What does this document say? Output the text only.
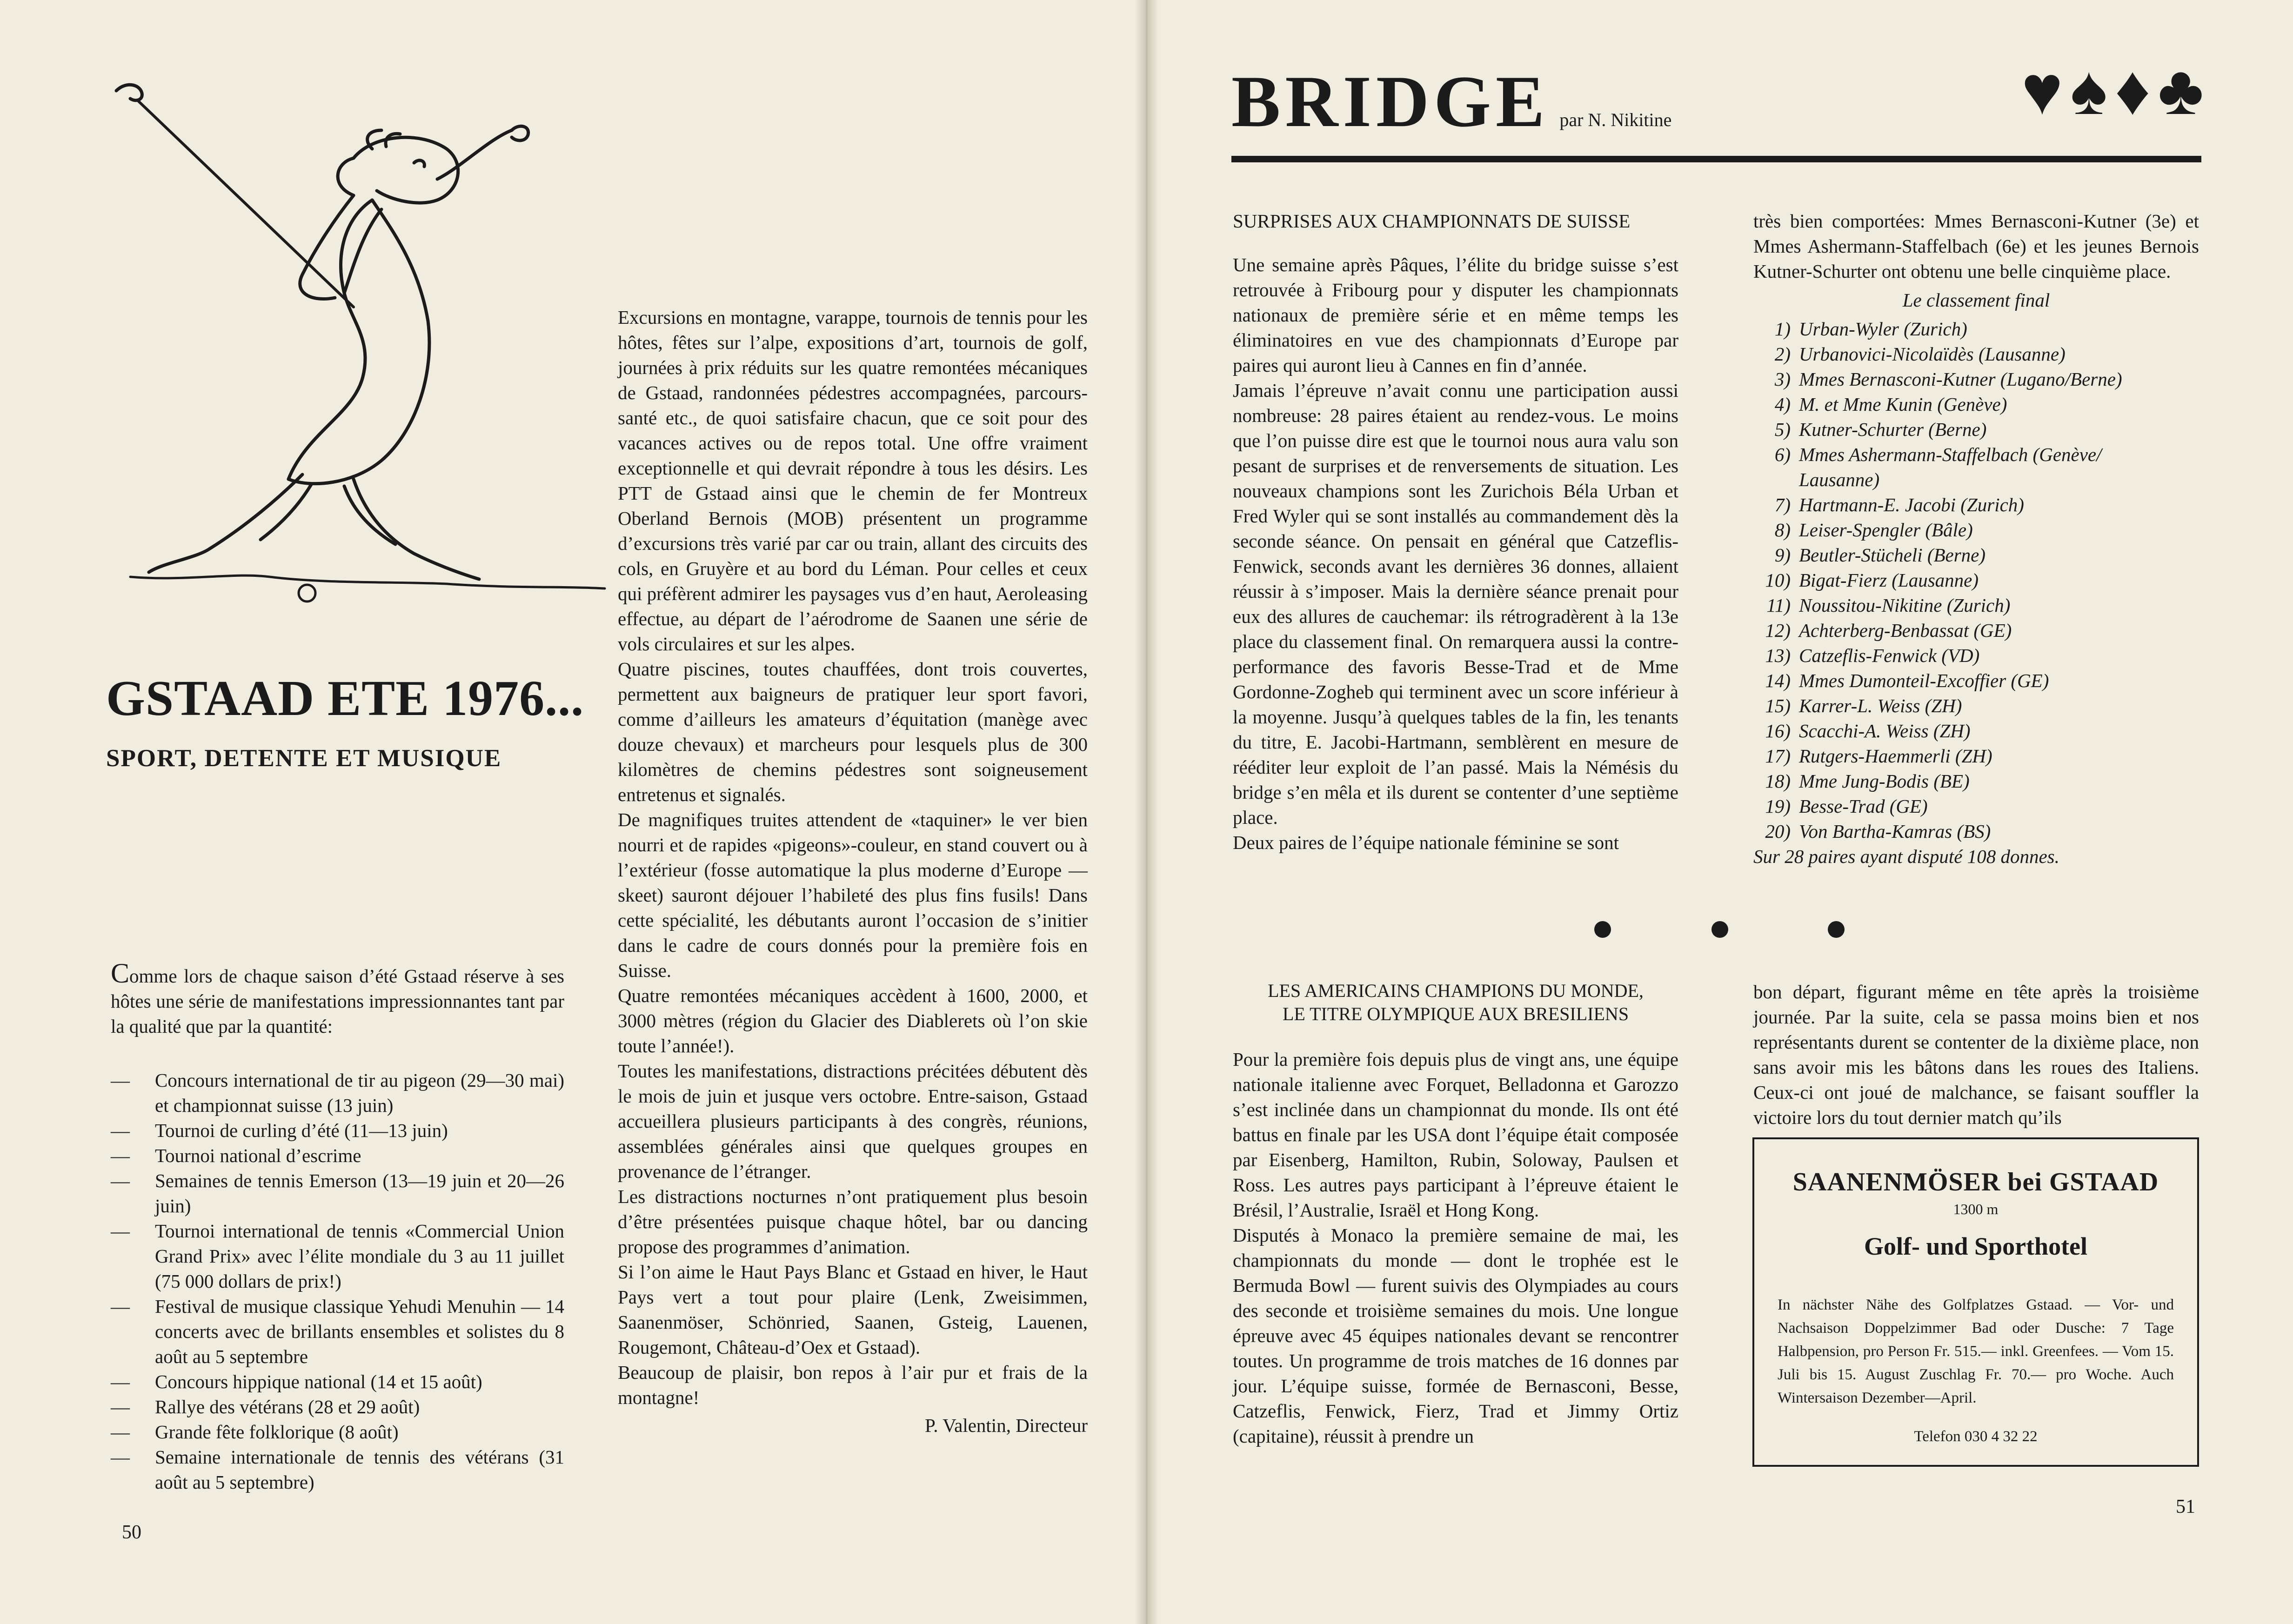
GSTAAD ETE 1976...
SPORT, DETENTE ET MUSIQUE

Comme lors de chaque saison d’été Gstaad réserve à ses hôtes une série de manifestations impressionnantes tant par la qualité que par la quantité:

— Concours international de tir au pigeon (29—30 mai) et championnat suisse (13 juin)
— Tournoi de curling d’été (11—13 juin)
— Tournoi national d’escrime
— Semaines de tennis Emerson (13—19 juin et 20—26 juin)
— Tournoi international de tennis «Commercial Union Grand Prix» avec l’élite mondiale du 3 au 11 juillet (75 000 dollars de prix!)
— Festival de musique classique Yehudi Menuhin — 14 concerts avec de brillants ensembles et solistes du 8 août au 5 septembre
— Concours hippique national (14 et 15 août)
— Rallye des vétérans (28 et 29 août)
— Grande fête folklorique (8 août)
— Semaine internationale de tennis des vétérans (31 août au 5 septembre)

Excursions en montagne, varappe, tournois de tennis pour les hôtes, fêtes sur l’alpe, expositions d’art, tournois de golf, journées à prix réduits sur les quatre remontées mécaniques de Gstaad, randonnées pédestres accompagnées, parcours-santé etc., de quoi satisfaire chacun, que ce soit pour des vacances actives ou de repos total. Une offre vraiment exceptionnelle et qui devrait répondre à tous les désirs. Les PTT de Gstaad ainsi que le chemin de fer Montreux Oberland Bernois (MOB) présentent un programme d’excursions très varié par car ou train, allant des circuits des cols, en Gruyère et au bord du Léman. Pour celles et ceux qui préfèrent admirer les paysages vus d’en haut, Aeroleasing effectue, au départ de l’aérodrome de Saanen une série de vols circulaires et sur les alpes.

Quatre piscines, toutes chauffées, dont trois couvertes, permettent aux baigneurs de pratiquer leur sport favori, comme d’ailleurs les amateurs d’équitation (manège avec douze chevaux) et marcheurs pour lesquels plus de 300 kilomètres de chemins pédestres sont soigneusement entretenus et signalés.

De magnifiques truites attendent de «taquiner» le ver bien nourri et de rapides «pigeons»-couleur, en stand couvert ou à l’extérieur (fosse automatique la plus moderne d’Europe — skeet) sauront déjouer l’habileté des plus fins fusils! Dans cette spécialité, les débutants auront l’occasion de s’initier dans le cadre de cours donnés pour la première fois en Suisse.

Quatre remontées mécaniques accèdent à 1600, 2000, et 3000 mètres (région du Glacier des Diablerets où l’on skie toute l’année!).

Toutes les manifestations, distractions précitées débutent dès le mois de juin et jusque vers octobre. Entre-saison, Gstaad accueillera plusieurs participants à des congrès, réunions, assemblées générales ainsi que quelques groupes en provenance de l’étranger.

Les distractions nocturnes n’ont pratiquement plus besoin d’être présentées puisque chaque hôtel, bar ou dancing propose des programmes d’animation.

Si l’on aime le Haut Pays Blanc et Gstaad en hiver, le Haut Pays vert a tout pour plaire (Lenk, Zweisimmen, Saanenmöser, Schönried, Saanen, Gsteig, Lauenen, Rougemont, Château-d’Oex et Gstaad).

Beaucoup de plaisir, bon repos à l’air pur et frais de la montagne!

P. Valentin, Directeur

50
BRIDGE par N. Nikitine	♥ ♠ ♦ ♣

SURPRISES AUX CHAMPIONNATS DE SUISSE

Une semaine après Pâques, l’élite du bridge suisse s’est retrouvée à Fribourg pour y disputer les championnats nationaux de première série et en même temps les éliminatoires en vue des championnats d’Europe par paires qui auront lieu à Cannes en fin d’année.

Jamais l’épreuve n’avait connu une participation aussi nombreuse: 28 paires étaient au rendez-vous. Le moins que l’on puisse dire est que le tournoi nous aura valu son pesant de surprises et de renversements de situation. Les nouveaux champions sont les Zurichois Béla Urban et Fred Wyler qui se sont installés au commandement dès la seconde séance. On pensait en général que Catzeflis-Fenwick, seconds avant les dernières 36 donnes, allaient réussir à s’imposer. Mais la dernière séance prenait pour eux des allures de cauchemar: ils rétrogradèrent à la 13e place du classement final. On remarquera aussi la contre-performance des favoris Besse-Trad et de Mme Gordonne-Zogheb qui terminent avec un score inférieur à la moyenne. Jusqu’à quelques tables de la fin, les tenants du titre, E. Jacobi-Hartmann, semblèrent en mesure de rééditer leur exploit de l’an passé. Mais la Némésis du bridge s’en mêla et ils durent se contenter d’une septième place.

Deux paires de l’équipe nationale féminine se sont

très bien comportées: Mmes Bernasconi-Kutner (3e) et Mmes Ashermann-Staffelbach (6e) et les jeunes Bernois Kutner-Schurter ont obtenu une belle cinquième place.

Le classement final

1) Urban-Wyler (Zurich)
2) Urbanovici-Nicolaïdès (Lausanne)
3) Mmes Bernasconi-Kutner (Lugano/Berne)
4) M. et Mme Kunin (Genève)
5) Kutner-Schurter (Berne)
6) Mmes Ashermann-Staffelbach (Genève/
Lausanne)
7) Hartmann-E. Jacobi (Zurich)
8) Leiser-Spengler (Bâle)
9) Beutler-Stücheli (Berne)
10) Bigat-Fierz (Lausanne)
11) Noussitou-Nikitine (Zurich)
12) Achterberg-Benbassat (GE)
13) Catzeflis-Fenwick (VD)
14) Mmes Dumonteil-Excoffier (GE)
15) Karrer-L. Weiss (ZH)
16) Scacchi-A. Weiss (ZH)
17) Rutgers-Haemmerli (ZH)
18) Mme Jung-Bodis (BE)
19) Besse-Trad (GE)
20) Von Bartha-Kamras (BS)

Sur 28 paires ayant disputé 108 donnes.

LES AMERICAINS CHAMPIONS DU MONDE,
LE TITRE OLYMPIQUE AUX BRESILIENS

Pour la première fois depuis plus de vingt ans, une équipe nationale italienne avec Forquet, Belladonna et Garozzo s’est inclinée dans un championnat du monde. Ils ont été battus en finale par les USA dont l’équipe était composée par Eisenberg, Hamilton, Rubin, Soloway, Paulsen et Ross. Les autres pays participant à l’épreuve étaient le Brésil, l’Australie, Israël et Hong Kong.

Disputés à Monaco la première semaine de mai, les championnats du monde — dont le trophée est le Bermuda Bowl — furent suivis des Olympiades au cours des seconde et troisième semaines du mois. Une longue épreuve avec 45 équipes nationales devant se rencontrer toutes. Un programme de trois matches de 16 donnes par jour. L’équipe suisse, formée de Bernasconi, Besse, Catzeflis, Fenwick, Fierz, Trad et Jimmy Ortiz (capitaine), réussit à prendre un

bon départ, figurant même en tête après la troisième journée. Par la suite, cela se passa moins bien et nos représentants durent se contenter de la dixième place, non sans avoir mis les bâtons dans les roues des Italiens. Ceux-ci ont joué de malchance, se faisant souffler la victoire lors du tout dernier match qu’ils

SAANENMÖSER bei GSTAAD
1300 m
Golf- und Sporthotel
In nächster Nähe des Golfplatzes Gstaad. — Vor- und Nachsaison Doppelzimmer Bad oder Dusche: 7 Tage Halbpension, pro Person Fr. 515.— inkl. Greenfees. — Vom 15. Juli bis 15. August Zuschlag Fr. 70.— pro Woche. Auch Wintersaison Dezember—April.
Telefon 030 4 32 22
51
